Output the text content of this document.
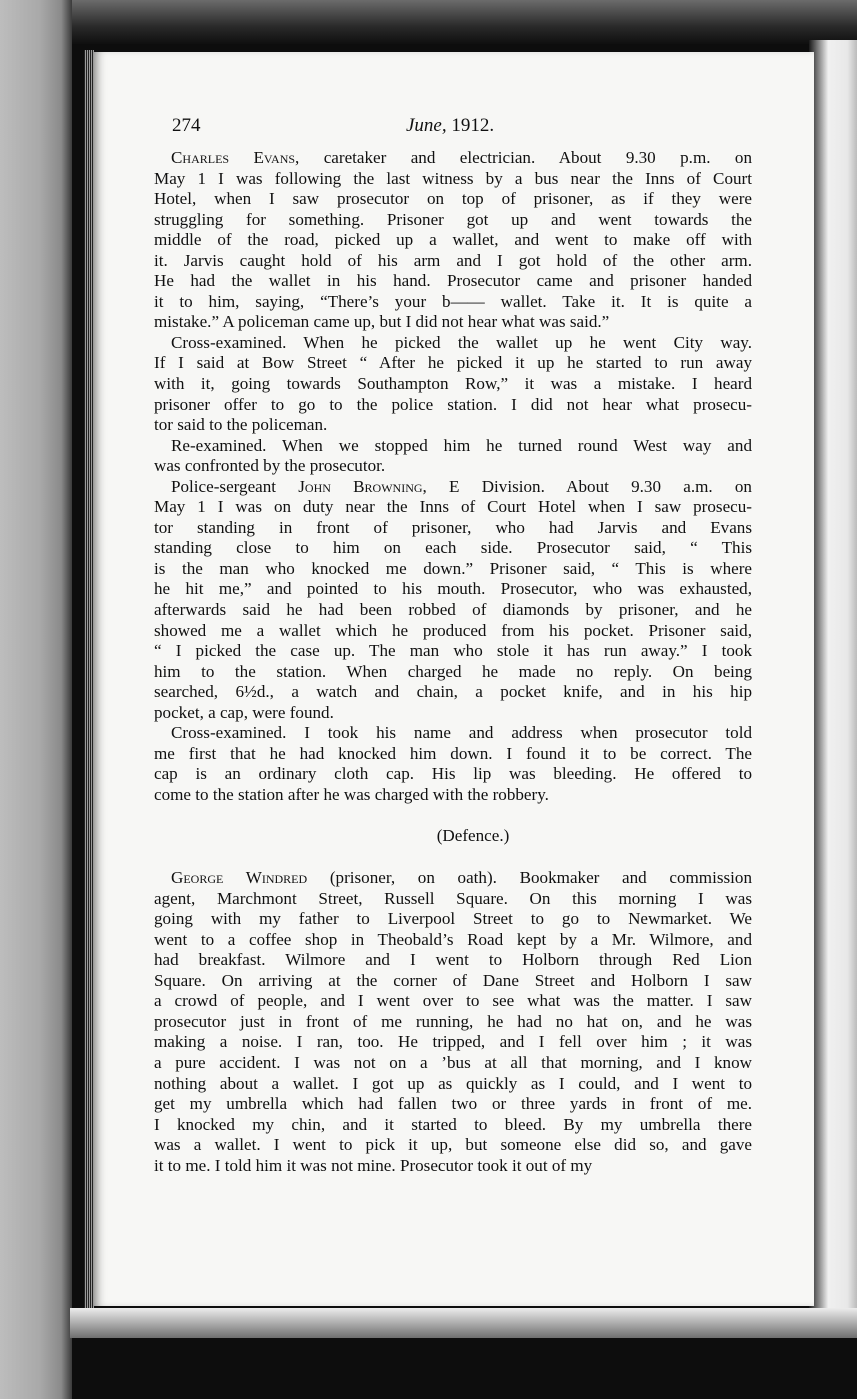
274	June, 1912.
Charles Evans, caretaker and electrician. About 9.30 p.m. on
May 1 I was following the last witness by a bus near the Inns of Court
Hotel, when I saw prosecutor on top of prisoner, as if they were
struggling for something. Prisoner got up and went towards the
middle of the road, picked up a wallet, and went to make off with
it. Jarvis caught hold of his arm and I got hold of the other arm.
He had the wallet in his hand. Prosecutor came and prisoner handed
it to him, saying, “There’s your b—— wallet. Take it. It is quite a
mistake.” A policeman came up, but I did not hear what was said.”
Cross-examined. When he picked the wallet up he went City way.
If I said at Bow Street “ After he picked it up he started to run away
with it, going towards Southampton Row,” it was a mistake. I heard
prisoner offer to go to the police station. I did not hear what prosecu-
tor said to the policeman.
Re-examined. When we stopped him he turned round West way and
was confronted by the prosecutor.
Police-sergeant John Browning, E Division. About 9.30 a.m. on
May 1 I was on duty near the Inns of Court Hotel when I saw prosecu-
tor standing in front of prisoner, who had Jarvis and Evans
standing close to him on each side. Prosecutor said, “ This
is the man who knocked me down.” Prisoner said, “ This is where
he hit me,” and pointed to his mouth. Prosecutor, who was exhausted,
afterwards said he had been robbed of diamonds by prisoner, and he
showed me a wallet which he produced from his pocket. Prisoner said,
“ I picked the case up. The man who stole it has run away.” I took
him to the station. When charged he made no reply. On being
searched, 6½d., a watch and chain, a pocket knife, and in his hip
pocket, a cap, were found.
Cross-examined. I took his name and address when prosecutor told
me first that he had knocked him down. I found it to be correct. The
cap is an ordinary cloth cap. His lip was bleeding. He offered to
come to the station after he was charged with the robbery.
(Defence.)
George Windred (prisoner, on oath). Bookmaker and commission
agent, Marchmont Street, Russell Square. On this morning I was
going with my father to Liverpool Street to go to Newmarket. We
went to a coffee shop in Theobald’s Road kept by a Mr. Wilmore, and
had breakfast. Wilmore and I went to Holborn through Red Lion
Square. On arriving at the corner of Dane Street and Holborn I saw
a crowd of people, and I went over to see what was the matter. I saw
prosecutor just in front of me running, he had no hat on, and he was
making a noise. I ran, too. He tripped, and I fell over him ; it was
a pure accident. I was not on a ’bus at all that morning, and I know
nothing about a wallet. I got up as quickly as I could, and I went to
get my umbrella which had fallen two or three yards in front of me.
I knocked my chin, and it started to bleed. By my umbrella there
was a wallet. I went to pick it up, but someone else did so, and gave
it to me. I told him it was not mine. Prosecutor took it out of my
